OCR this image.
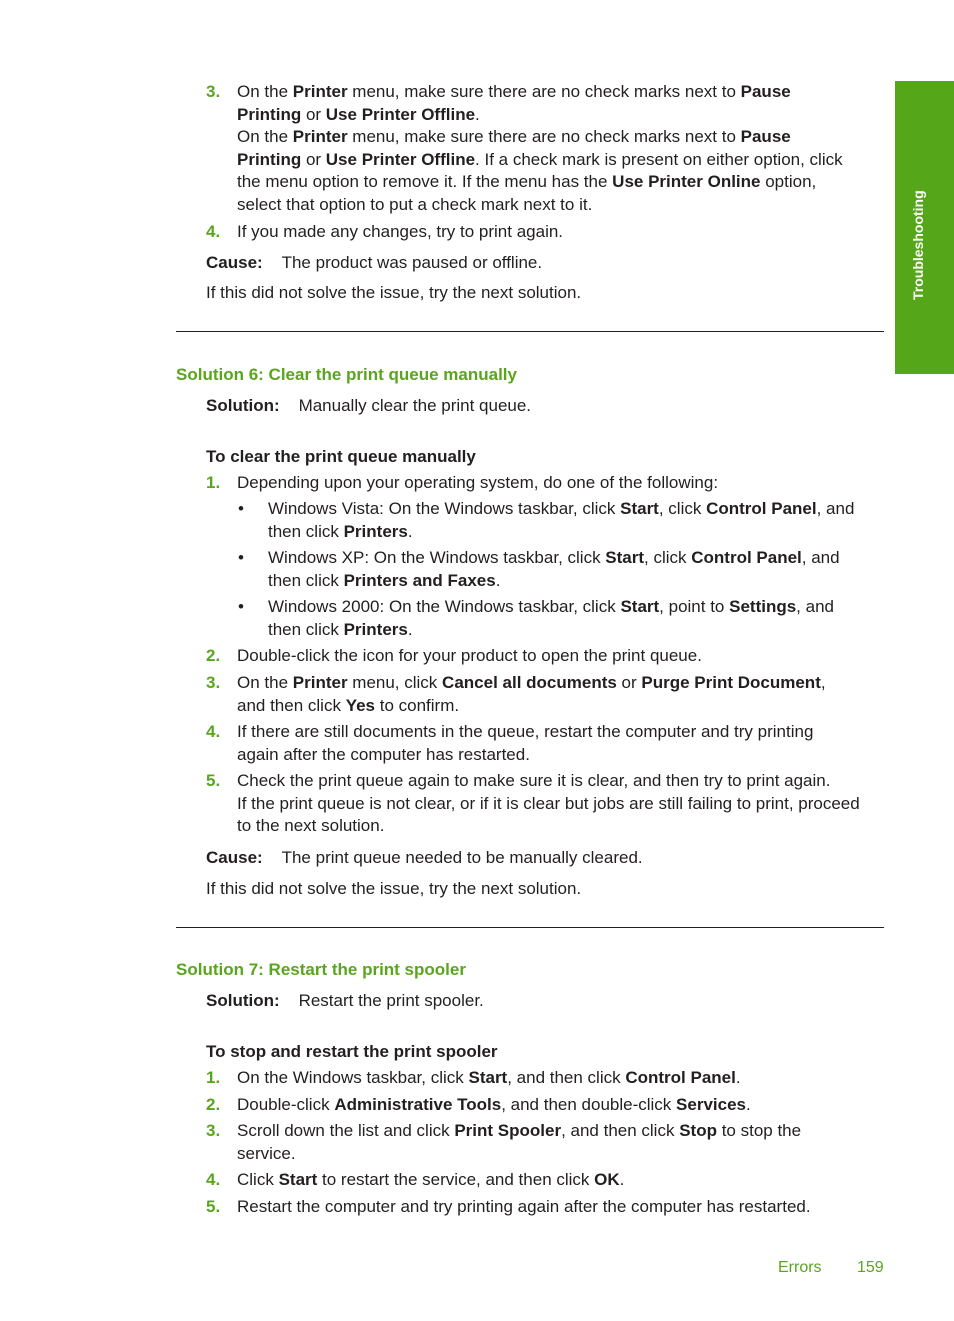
Troubleshooting
3. On the Printer menu, make sure there are no check marks next to Pause
Printing or Use Printer Offline.
On the Printer menu, make sure there are no check marks next to Pause
Printing or Use Printer Offline. If a check mark is present on either option, click
the menu option to remove it. If the menu has the Use Printer Online option,
select that option to put a check mark next to it.
4. If you made any changes, try to print again.
Cause: The product was paused or offline.
If this did not solve the issue, try the next solution.
Solution 6: Clear the print queue manually
Solution: Manually clear the print queue.
To clear the print queue manually
1. Depending upon your operating system, do one of the following:
• Windows Vista: On the Windows taskbar, click Start, click Control Panel, and
then click Printers.
• Windows XP: On the Windows taskbar, click Start, click Control Panel, and
then click Printers and Faxes.
• Windows 2000: On the Windows taskbar, click Start, point to Settings, and
then click Printers.
2. Double-click the icon for your product to open the print queue.
3. On the Printer menu, click Cancel all documents or Purge Print Document,
and then click Yes to confirm.
4. If there are still documents in the queue, restart the computer and try printing
again after the computer has restarted.
5. Check the print queue again to make sure it is clear, and then try to print again.
If the print queue is not clear, or if it is clear but jobs are still failing to print, proceed
to the next solution.
Cause: The print queue needed to be manually cleared.
If this did not solve the issue, try the next solution.
Solution 7: Restart the print spooler
Solution: Restart the print spooler.
To stop and restart the print spooler
1. On the Windows taskbar, click Start, and then click Control Panel.
2. Double-click Administrative Tools, and then double-click Services.
3. Scroll down the list and click Print Spooler, and then click Stop to stop the
service.
4. Click Start to restart the service, and then click OK.
5. Restart the computer and try printing again after the computer has restarted.
Errors 159
